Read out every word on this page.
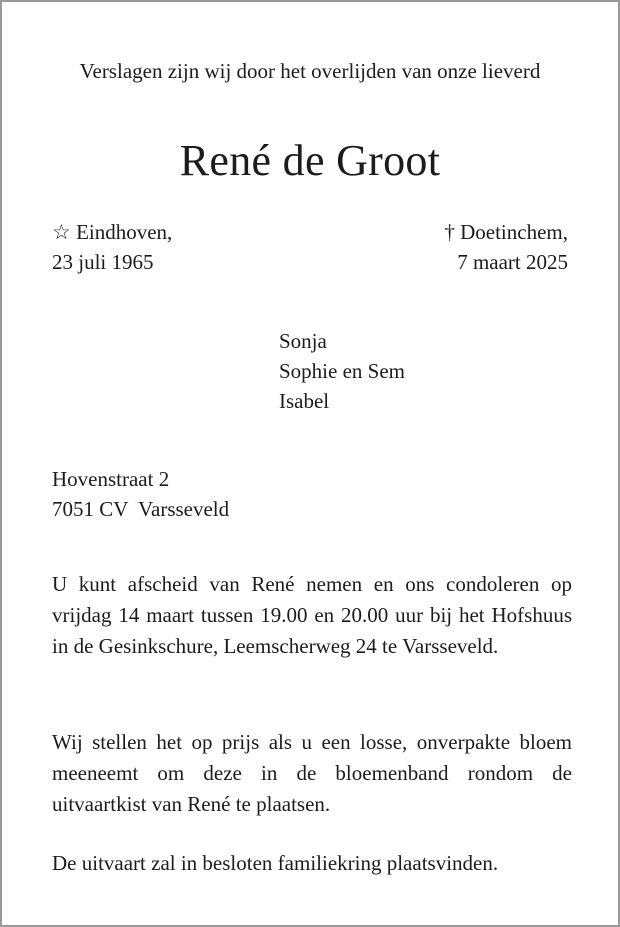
Verslagen zijn wij door het overlijden van onze lieverd
René de Groot
☆ Eindhoven,
23 juli 1965
† Doetinchem,
7 maart 2025
Sonja
Sophie en Sem
Isabel
Hovenstraat 2
7051 CV  Varsseveld
U kunt afscheid van René nemen en ons condoleren op vrijdag 14 maart tussen 19.00 en 20.00 uur bij het Hofshuus in de Gesinkschure, Leemscherweg 24 te Varsseveld.
Wij stellen het op prijs als u een losse, onverpakte bloem meeneemt om deze in de bloemenband rondom de uitvaartkist van René te plaatsen.
De uitvaart zal in besloten familiekring plaatsvinden.
